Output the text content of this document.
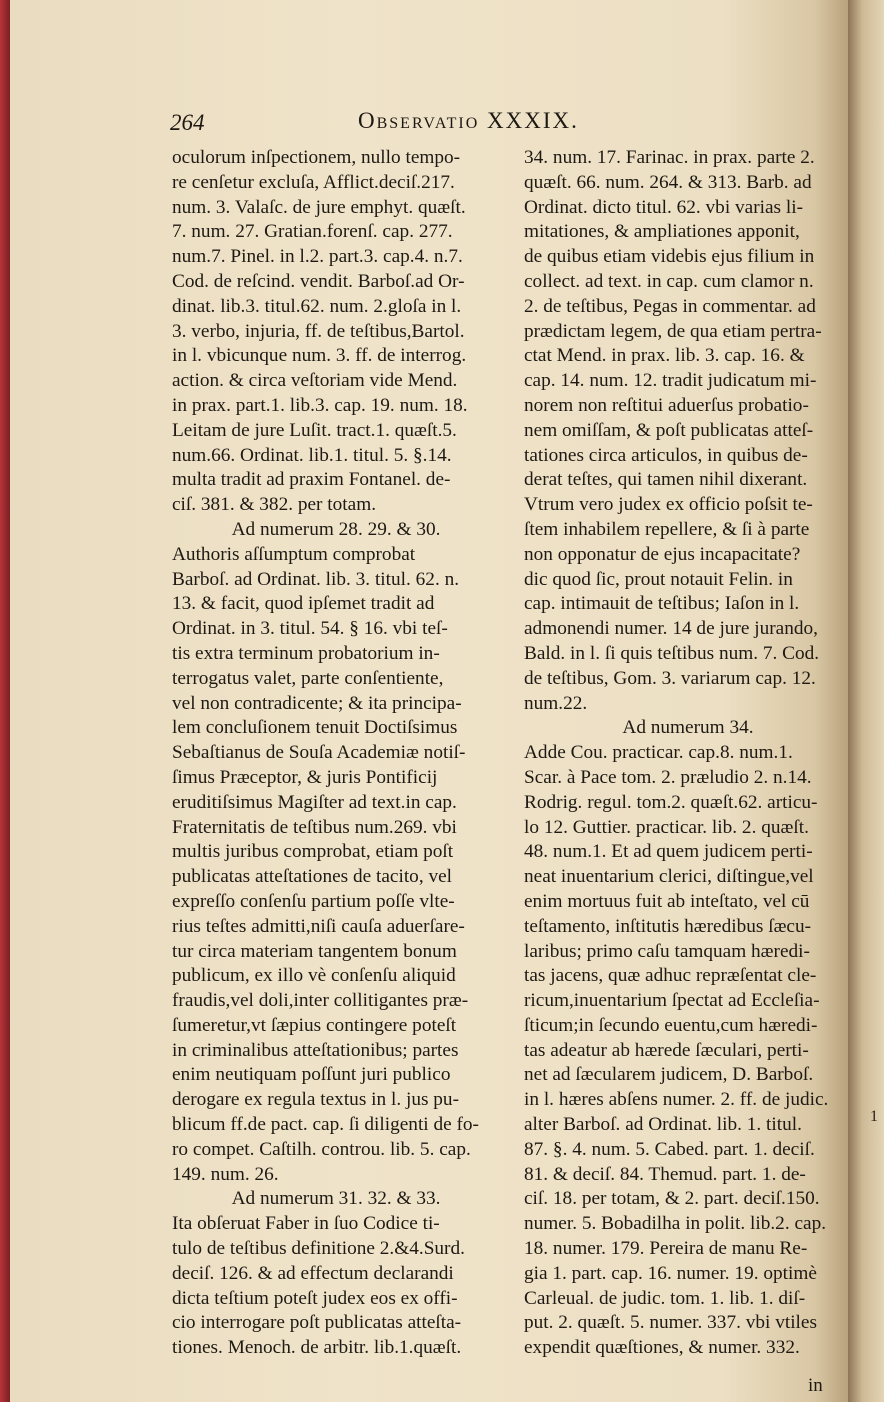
1
264	Observatio XXXIX.
oculorum inſpectionem, nullo tempo-
re cenſetur excluſa, Afflict.deciſ.217.
num. 3. Valaſc. de jure emphyt. quæſt.
7. num. 27. Gratian.forenſ. cap. 277.
num.7. Pinel. in l.2. part.3. cap.4. n.7.
Cod. de reſcind. vendit. Barboſ.ad Or-
dinat. lib.3. titul.62. num. 2.gloſa in l.
3. verbo, injuria, ff. de teſtibus,Bartol.
in l. vbicunque num. 3. ff. de interrog.
action. & circa veſtoriam vide Mend.
in prax. part.1. lib.3. cap. 19. num. 18.
Leitam de jure Luſit. tract.1. quæſt.5.
num.66. Ordinat. lib.1. titul. 5. §.14.
multa tradit ad praxim Fontanel. de-
ciſ. 381. & 382. per totam.
Ad numerum 28. 29. & 30.
Authoris aſſumptum comprobat
Barboſ. ad Ordinat. lib. 3. titul. 62. n.
13. & facit, quod ipſemet tradit ad
Ordinat. in 3. titul. 54. § 16. vbi teſ-
tis extra terminum probatorium in-
terrogatus valet, parte conſentiente,
vel non contradicente; & ita principa-
lem concluſionem tenuit Doctiſsimus
Sebaſtianus de Souſa Academiæ notiſ-
ſimus Præceptor, & juris Pontificij
eruditiſsimus Magiſter ad text.in cap.
Fraternitatis de teſtibus num.269. vbi
multis juribus comprobat, etiam poſt
publicatas atteſtationes de tacito, vel
expreſſo conſenſu partium poſſe vlte-
rius teſtes admitti,niſi cauſa aduerſare-
tur circa materiam tangentem bonum
publicum, ex illo vè conſenſu aliquid
fraudis,vel doli,inter collitigantes præ-
ſumeretur,vt ſæpius contingere poteſt
in criminalibus atteſtationibus; partes
enim neutiquam poſſunt juri publico
derogare ex regula textus in l. jus pu-
blicum ff.de pact. cap. ſi diligenti de fo-
ro compet. Caſtilh. controu. lib. 5. cap.
149. num. 26.
Ad numerum 31. 32. & 33.
Ita obſeruat Faber in ſuo Codice ti-
tulo de teſtibus definitione 2.&4.Surd.
deciſ. 126. & ad effectum declarandi
dicta teſtium poteſt judex eos ex offi-
cio interrogare poſt publicatas atteſta-
tiones. Menoch. de arbitr. lib.1.quæſt.
34. num. 17. Farinac. in prax. parte 2.
quæſt. 66. num. 264. & 313. Barb. ad
Ordinat. dicto titul. 62. vbi varias li-
mitationes, & ampliationes apponit,
de quibus etiam videbis ejus filium in
collect. ad text. in cap. cum clamor n.
2. de teſtibus, Pegas in commentar. ad
prædictam legem, de qua etiam pertra-
ctat Mend. in prax. lib. 3. cap. 16. &
cap. 14. num. 12. tradit judicatum mi-
norem non reſtitui aduerſus probatio-
nem omiſſam, & poſt publicatas atteſ-
tationes circa articulos, in quibus de-
derat teſtes, qui tamen nihil dixerant.
Vtrum vero judex ex officio poſsit te-
ſtem inhabilem repellere, & ſi à parte
non opponatur de ejus incapacitate?
dic quod ſic, prout notauit Felin. in
cap. intimauit de teſtibus; Iaſon in l.
admonendi numer. 14 de jure jurando,
Bald. in l. ſi quis teſtibus num. 7. Cod.
de teſtibus, Gom. 3. variarum cap. 12.
num.22.
Ad numerum 34.
Adde Cou. practicar. cap.8. num.1.
Scar. à Pace tom. 2. præludio 2. n.14.
Rodrig. regul. tom.2. quæſt.62. articu-
lo 12. Guttier. practicar. lib. 2. quæſt.
48. num.1. Et ad quem judicem perti-
neat inuentarium clerici, diſtingue,vel
enim mortuus fuit ab inteſtato, vel cū
teſtamento, inſtitutis hæredibus ſæcu-
laribus; primo caſu tamquam hæredi-
tas jacens, quæ adhuc repræſentat cle-
ricum,inuentarium ſpectat ad Eccleſia-
ſticum;in ſecundo euentu,cum hæredi-
tas adeatur ab hærede ſæculari, perti-
net ad ſæcularem judicem, D. Barboſ.
in l. hæres abſens numer. 2. ff. de judic.
alter Barboſ. ad Ordinat. lib. 1. titul.
87. §. 4. num. 5. Cabed. part. 1. deciſ.
81. & deciſ. 84. Themud. part. 1. de-
ciſ. 18. per totam, & 2. part. deciſ.150.
numer. 5. Bobadilha in polit. lib.2. cap.
18. numer. 179. Pereira de manu Re-
gia 1. part. cap. 16. numer. 19. optimè
Carleual. de judic. tom. 1. lib. 1. diſ-
put. 2. quæſt. 5. numer. 337. vbi vtiles
expendit quæſtiones, & numer. 332.
in
